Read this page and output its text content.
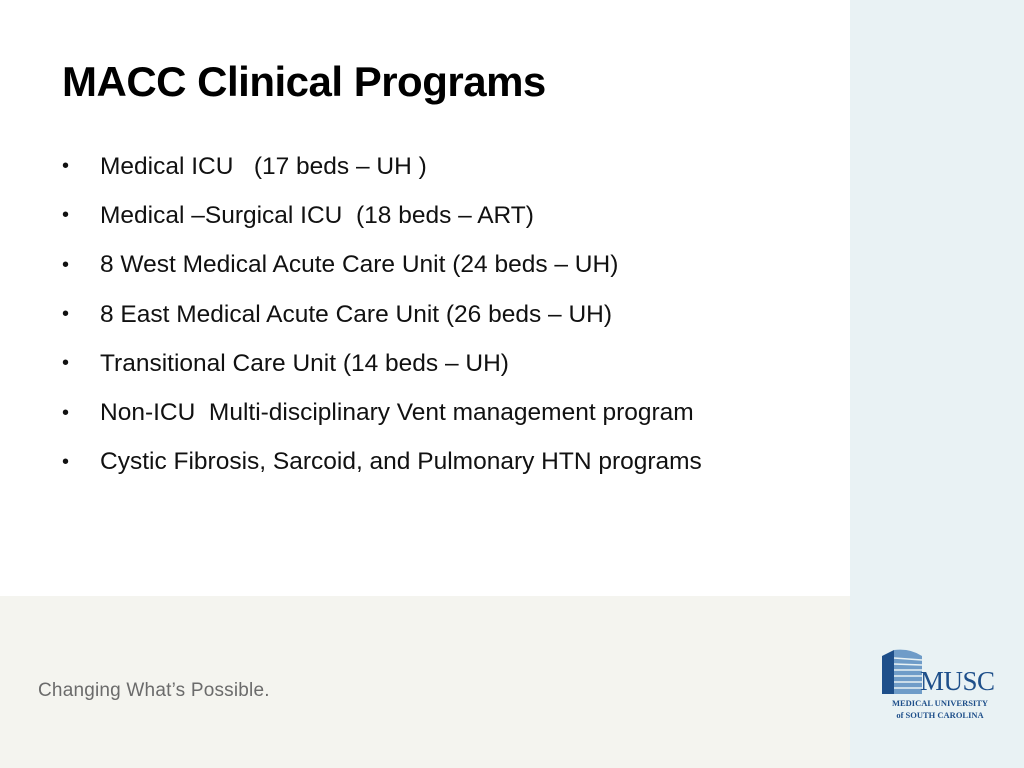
MACC Clinical Programs
•	Medical ICU   (17 beds – UH )
•	Medical –Surgical ICU  (18 beds – ART)
•	8 West Medical Acute Care Unit (24 beds – UH)
•	8 East Medical Acute Care Unit (26 beds – UH)
•	Transitional Care Unit (14 beds – UH)
•	Non-ICU  Multi-disciplinary Vent management program
•	Cystic Fibrosis, Sarcoid, and Pulmonary HTN programs
Changing What’s Possible.	MUSC
MEDICAL UNIVERSITY
of SOUTH CAROLINA
